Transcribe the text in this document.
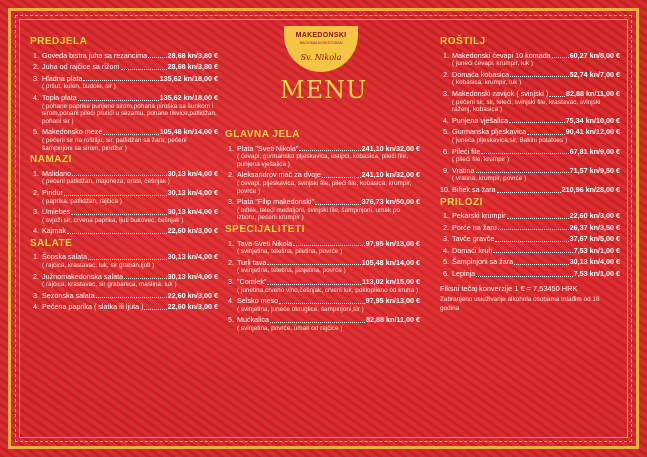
MAKEDONSKI
NACIONALNI RESTORAN
Sv. Nikola
MENU
PREDJELA
1. Goveđa bistra juha sa rezancima	28,68 kn/3,80 €
2. Juha od rajčice sa rižom	28,68 kn/3,80 €
3. Hladna plata	135,62 kn/18,00 €
( pršut, kulen, budole, sir )
4. Topla plata	135,62 kn/18,00 €
( pohane paprike punjene sirom,pohana piroška sa šunkom i sirom,pohani pileći prutići u sezamu, pohane tikvice,patlidžan, pohani sir )
5. Makedonsko meze	105,48 kn/14,00 €
( pečeni sir na roštilju, sir, patlidžan sa žara, pečeni šampinjoni sa sirom, pindžur )
NAMAZI
1. Malidano	30,13 kn/4,00 €
( pečeni patlidžan, majoneza, orasi, češnjak )
2. Pindur	30,13 kn/4,00 €
( paprika, patlidžan, rajčica )
3. Umiebes	30,13 kn/4,00 €
( svježi sir, crvena paprika, ljuti bukovec, češnjak )
4. Kajmak	22,60 kn/3,00 €
SALATE
1. Šopska salata	30,13 kn/4,00 €
( rajčica, krastavac, luk, sir graban,ljuti )
2. Južnomakedonska salata	30,13 kn/4,00 €
( rajčica, krastavac, sir grabanica, maslina, luk )
3. Sezonska salata	22,60 kn/3,00 €
4. Pečena paprika ( slatka ili ljuta )	22,60 kn/3,00 €
GLAVNA JELA
1. Plata "Sveti Nikola"	241,10 kn/32,00 €
( ćevapi, gurmanska pljeskavica, ustipci, kobasica, pileći file, punjena vješalica )
2. Aleksandrov mač za dvoje	241,10 kn/32,00 €
( ćevapi, pljeskavica, svinjski file, pileći file, kobasica, krumpir, povrće )
3. Plata "Filip makedonski"	376,73 kn/50,00 €
( biftek, teleći medaljoni, svinjski file, šampinjoni, umak po izboru, pečeni krumpir )
SPECIJALITETI
1. Tava Sveti Nikola	97,95 kn/13,00 €
( svinjetina, teletina, piletina, povrće )
2. Turli tava	105,48 kn/14,00 €
( svinjetina, teletina, janjetina, povrće )
3. "Comlek"	113,02 kn/15,00 €
( junetina,crveno vino,češnjak, crveni luk, pokloplieno od kruha )
4. Selsko meso	97,95 kn/13,00 €
( svinjetina, juneće okruglice, šampinjoni,sir )
5. Mućkalica	82,88 kn/11,00 €
( svinjetina, povrće, umak od rajčice )
ROŠTILJ
1. Makedonski ćevapi 10 komada	60,27 kn/8,00 €
( juneći ćevapi, krumpir, luk )
2. Domaća kobasica	52,74 kn/7,00 €
( kobasica, krumpir, luk )
3. Makedonski zavijok ( svinjski ) 82,88 kn/11,00 €
( pečeni sir, sir, teleći, svinjski file, krastavac, svinjski raženj, kobasica )
4. Punjena vješalica	75,34 kn/10,00 €
5. Gurmanska pljeskavica	90,41 kn/12,00 €
( juneća pljeskavica,sir, Bakini potatoes )
6. Pileći file	67,81 kn/9,00 €
( pileći file, krumpir )
9. Vratina	71,57 kn/9,50 €
( vratina, krumpir, povrće )
10. Biftek sa žara	210,96 kn/28,00 €
PRILOZI
1. Pekarski krumpir	22,60 kn/3,00 €
2. Porće na žaru	26,37 kn/3,50 €
3. Tavče gravče	37,67 kn/5,00 €
4. Domaći kruh	7,53 kn/1,00 €
5. Šampinjoni sa žara	30,13 kn/4,00 €
6. Lepinja	7,53 kn/1,00 €
Fiksni tečaj konverzije 1 € = 7,53450 HRK
Zabranjeno usluživanje alkohola osobama mlađim od 18 godina
